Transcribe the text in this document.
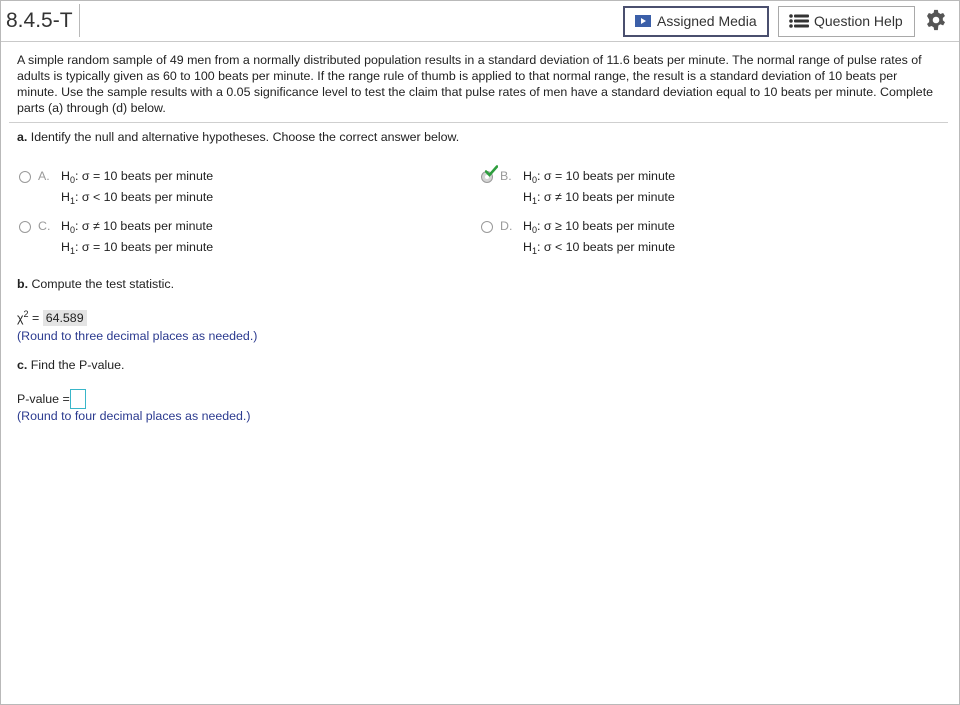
8.4.5-T	Assigned Media	Question Help
A simple random sample of 49 men from a normally distributed population results in a standard deviation of 11.6 beats per minute. The normal range of pulse rates of adults is typically given as 60 to 100 beats per minute. If the range rule of thumb is applied to that normal range, the result is a standard deviation of 10 beats per minute. Use the sample results with a 0.05 significance level to test the claim that pulse rates of men have a standard deviation equal to 10 beats per minute. Complete parts (a) through (d) below.
a. Identify the null and alternative hypotheses. Choose the correct answer below.
A. $H_0$: σ = 10 beats per minute
$H_1$: σ < 10 beats per minute
B. $H_0$: σ = 10 beats per minute
$H_1$: σ ≠ 10 beats per minute
C. $H_0$: σ ≠ 10 beats per minute
$H_1$: σ = 10 beats per minute
D. $H_0$: σ ≥ 10 beats per minute
$H_1$: σ < 10 beats per minute
b. Compute the test statistic.
$\chi^2 = 64.589$
(Round to three decimal places as needed.)
c. Find the P-value.
P-value =
(Round to four decimal places as needed.)
